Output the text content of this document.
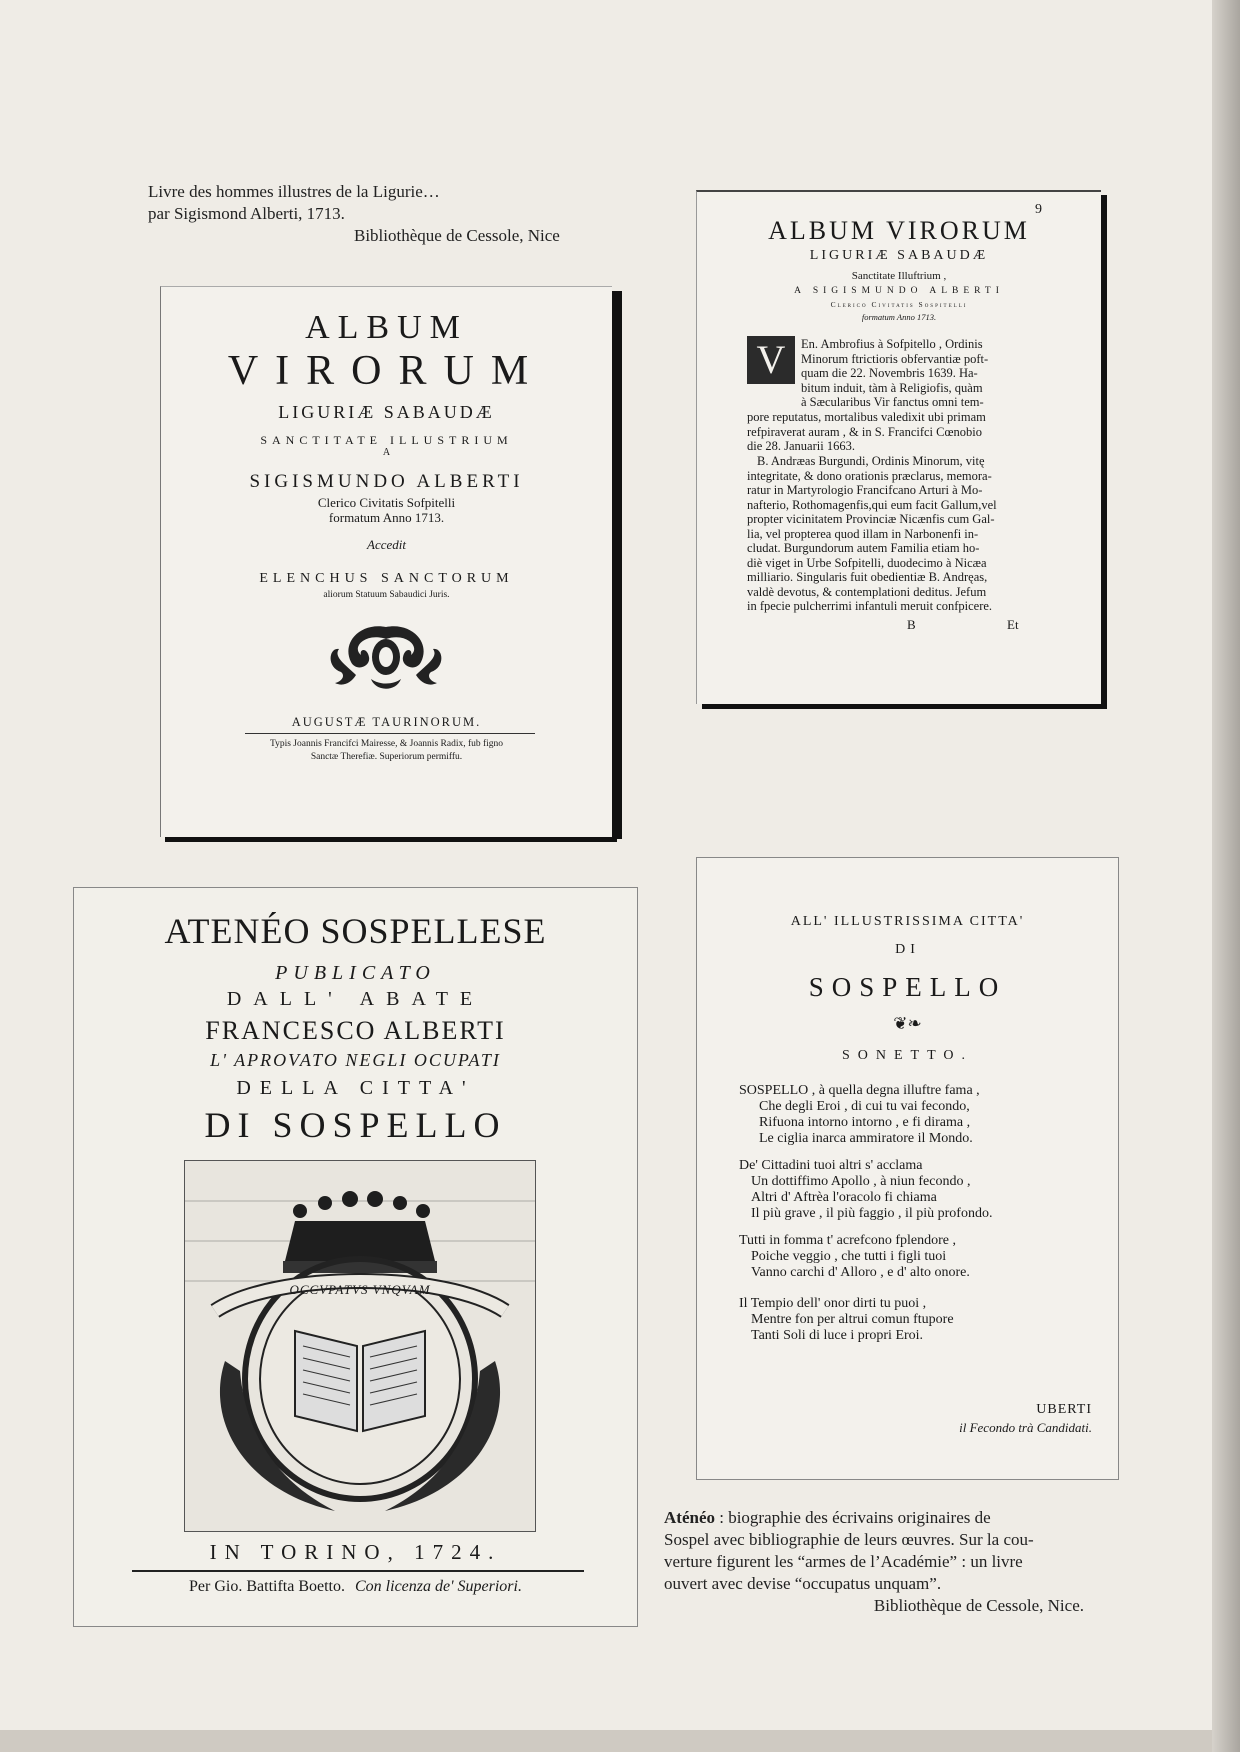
Livre des hommes illustres de la Ligurie…
par Sigismond Alberti, 1713.
Bibliothèque de Cessole, Nice
ALBUM
VIRORUM
LIGURIÆ SABAUDÆ
SANCTITATE ILLUSTRIUM
A
SIGISMUNDO ALBERTI
Clerico Civitatis Sofpitelli
formatum Anno 1713.
Accedit
ELENCHUS SANCTORUM
aliorum Statuum Sabaudici Juris.
AUGUSTÆ TAURINORUM.
Typis Joannis Francifci Mairesse, & Joannis Radix, fub figno
Sanctæ Therefiæ. Superiorum permiffu.
9
ALBUM VIRORUM
LIGURIÆ SABAUDÆ
Sanctitate Illuftrium ,
A SIGISMUNDO ALBERTI
Clerico Civitatis Sospitelli
formatum Anno 1713.
V	En. Ambrofius à Sofpitello , Ordinis
Minorum ftrictioris obfervantiæ poft-
quam die 22. Novembris 1639. Ha-
bitum induit, tàm à Religiofis, quàm
à Sæcularibus Vir fanctus omni tem-
pore reputatus, mortalibus valedixit ubi primam
refpiraverat auram , & in S. Francifci Cœnobio
die 28. Januarii 1663.
B. Andræas Burgundi, Ordinis Minorum, vitę
integritate, & dono orationis præclarus, memora-
ratur in Martyrologio Francifcano Arturi à Mo-
nafterio, Rothomagenfis,qui eum facit Gallum,vel
propter vicinitatem Provinciæ Nicænfis cum Gal-
lia, vel propterea quod illam in Narbonenfi in-
cludat. Burgundorum autem Familia etiam ho-
diè viget in Urbe Sofpitelli, duodecimo à Nicæa
milliario. Singularis fuit obedientiæ B. Andręas,
valdè devotus, & contemplationi deditus. Jefum
in fpecie pulcherrimi infantuli meruit confpicere.
B	Et
ATENÉO SOSPELLESE
PUBLICATO
DALL' ABATE
FRANCESCO ALBERTI
L' APROVATO NEGLI OCUPATI
DELLA CITTA'
DI SOSPELLO
OCCVPATVS VNQVAM
IN TORINO, 1724.
Per Gio. Battifta Boetto. Con licenza de' Superiori.
ALL' ILLUSTRISSIMA CITTA'
DI
SOSPELLO
❦❧
SONETTO.
SOSPELLO , à quella degna illuftre fama ,
Che degli Eroi , di cui tu vai fecondo,
Rifuona intorno intorno , e fi dirama ,
Le ciglia inarca ammiratore il Mondo.
De' Cittadini tuoi altri s' acclama
Un dottiffimo Apollo , à niun fecondo ,
Altri d' Aftrèa l'oracolo fi chiama
Il più grave , il più faggio , il più profondo.
Tutti in fomma t' acrefcono fplendore ,
Poiche veggio , che tutti i figli tuoi
Vanno carchi d' Alloro , e d' alto onore.
Il Tempio dell' onor dirti tu puoi ,
Mentre fon per altrui comun ftupore
Tanti Soli di luce i propri Eroi.
UBERTI
il Fecondo trà Candidati.
Aténéo : biographie des écrivains originaires de
Sospel avec bibliographie de leurs œuvres. Sur la cou-
verture figurent les “armes de l’Académie” : un livre
ouvert avec devise “occupatus unquam”.
Bibliothèque de Cessole, Nice.
